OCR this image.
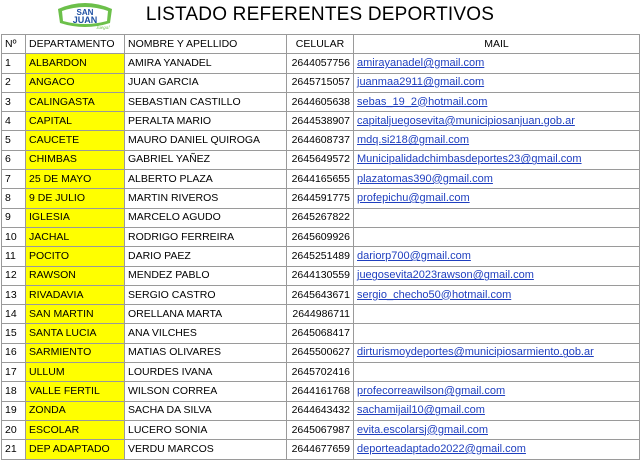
SAN
JUAN
Juega!
LISTADO REFERENTES DEPORTIVOS
Nº	DEPARTAMENTO	NOMBRE Y APELLIDO	CELULAR	MAIL
1	ALBARDON	AMIRA YANADEL	2644057756	amirayanadel@gmail.com
2	ANGACO	JUAN GARCIA	2645715057	juanmaa2911@gmail.com
3	CALINGASTA	SEBASTIAN CASTILLO	2644605638	sebas_19_2@hotmail.com
4	CAPITAL	PERALTA MARIO	2644538907	capitaljuegosevita@municipiosanjuan.gob.ar
5	CAUCETE	MAURO DANIEL QUIROGA	2644608737	mdq.si218@gmail.com
6	CHIMBAS	GABRIEL YAÑEZ	2645649572	Municipalidadchimbasdeportes23@gmail.com
7	25 DE MAYO	ALBERTO PLAZA	2644165655	plazatomas390@gmail.com
8	9 DE JULIO	MARTIN RIVEROS	2644591775	profepichu@gmail.com
9	IGLESIA	MARCELO AGUDO	2645267822	
10	JACHAL	RODRIGO FERREIRA	2645609926	
11	POCITO	DARIO PAEZ	2645251489	dariorp700@gmail.com
12	RAWSON	MENDEZ PABLO	2644130559	juegosevita2023rawson@gmail.com
13	RIVADAVIA	SERGIO CASTRO	2645643671	sergio_checho50@hotmail.com
14	SAN MARTIN	ORELLANA MARTA	2644986711	
15	SANTA LUCIA	ANA VILCHES	2645068417	
16	SARMIENTO	MATIAS OLIVARES	2645500627	dirturismoydeportes@municipiosarmiento.gob.ar
17	ULLUM	LOURDES IVANA	2645702416	
18	VALLE FERTIL	WILSON CORREA	2644161768	profecorreawilson@gmail.com
19	ZONDA	SACHA DA SILVA	2644643432	sachamijail10@gmail.com
20	ESCOLAR	LUCERO SONIA	2645067987	evita.escolarsj@gmail.com
21	DEP ADAPTADO	VERDU MARCOS	2644677659	deporteadaptado2022@gmail.com
